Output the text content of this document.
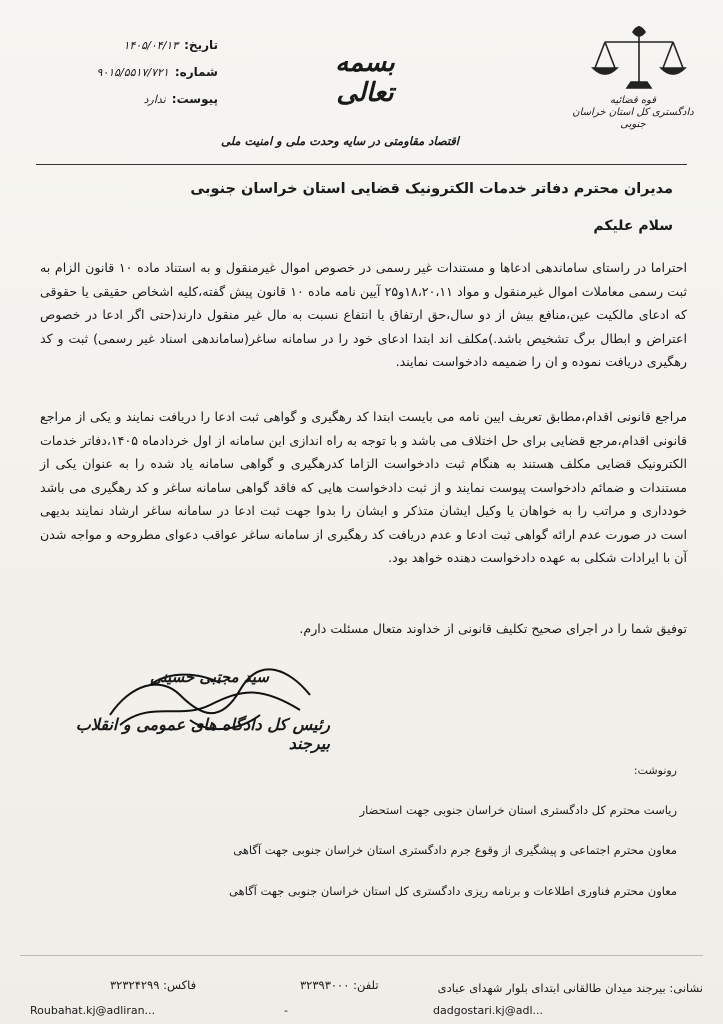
قوه قضائیه
دادگستری کل استان خراسان جنوبی
بسمه تعالی
تاریخ:
۱۴۰۵/۰۴/۱۳
شماره:
۹۰۱۵/۵۵۱۷/۷۲۱
پیوست:
ندارد
اقتصاد مقاومتی در سایه وحدت ملی و امنیت ملی
مدیران محترم دفاتر خدمات الکترونیک قضایی استان خراسان جنوبی
سلام علیکم
احتراما در راستای ساماندهی ادعاها و مستندات غیر رسمی در خصوص اموال غیرمنقول و به استناد ماده ۱۰ قانون الزام به ثبت رسمی معاملات اموال غیرمنقول و مواد ۱۸،۲۰،۱۱و۲۵ آیین نامه ماده ۱۰ قانون پیش گفته،کلیه اشخاص حقیقی یا حقوقی که ادعای مالکیت عین،منافع بیش از دو سال،حق ارتفاق یا انتفاع نسبت به مال غیر منقول دارند(حتی اگر ادعا در خصوص اعتراض و ابطال برگ تشخیص باشد.)مکلف اند ابتدا ادعای خود را در سامانه ساغر(ساماندهی اسناد غیر رسمی) ثبت و کد رهگیری دریافت نموده و ان را ضمیمه دادخواست نمایند.
مراجع قانونی اقدام،مطابق تعریف ایین نامه می بایست ابتدا کد رهگیری و گواهی ثبت ادعا را دریافت نمایند و یکی از مراجع قانونی اقدام،مرجع قضایی برای حل اختلاف می باشد و با توجه به راه اندازی این سامانه از اول خردادماه ۱۴۰۵،دفاتر خدمات الکترونیک قضایی مکلف هستند به هنگام ثبت دادخواست الزاما کدرهگیری و گواهی سامانه یاد شده را به عنوان یکی از مستندات و ضمائم دادخواست پیوست نمایند و از ثبت دادخواست هایی که فاقد گواهی سامانه ساغر و کد رهگیری می باشد خودداری و مراتب را به خواهان یا وکیل ایشان متذکر و ایشان را بدوا جهت ثبت ادعا در سامانه ساغر ارشاد نمایند بدیهی است در صورت عدم ارائه گواهی ثبت ادعا و عدم دریافت کد رهگیری از سامانه ساغر عواقب دعوای مطروحه و مواجه شدن آن با ایرادات شکلی به عهده دادخواست دهنده خواهد بود.
توفیق شما را در اجرای صحیح تکلیف قانونی از خداوند متعال مسئلت دارم.
سید مجتبی حسینی
رئیس کل دادگاه های عمومی و انقلاب بیرجند
رونوشت:
ریاست محترم کل دادگستری استان خراسان جنوبی جهت استحضار
معاون محترم اجتماعی و پیشگیری از وقوع جرم دادگستری استان خراسان جنوبی جهت آگاهی
معاون محترم فناوری اطلاعات و برنامه ریزی دادگستری کل استان خراسان جنوبی جهت آگاهی
نشانی: بیرجند میدان طالقانی ابتدای بلوار شهدای عبادی
تلفن: ۳۲۳۹۳۰۰۰
فاکس: ۳۲۳۲۴۲۹۹
Roubahat.kj@adliran...	-	dadgostari.kj@adl...
